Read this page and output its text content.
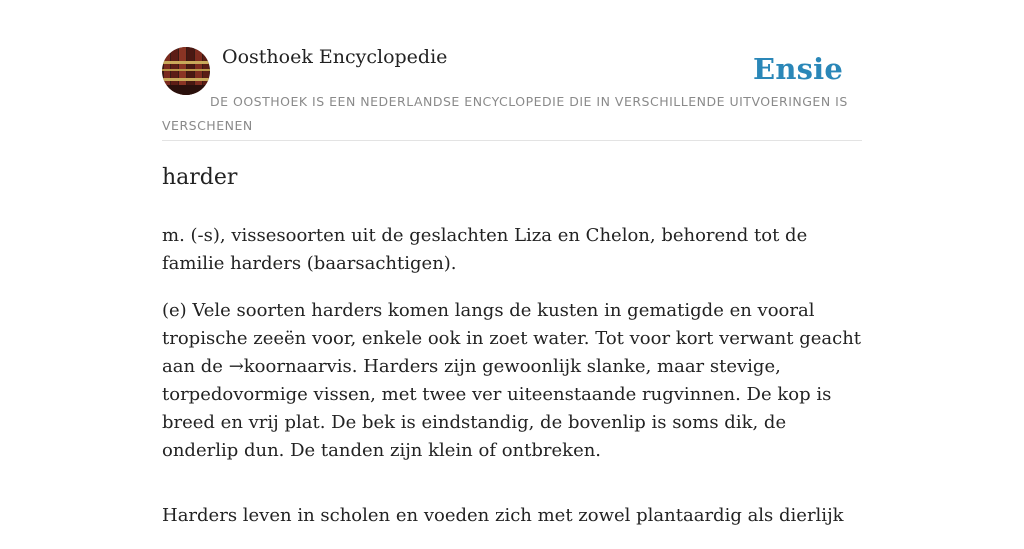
Oosthoek Encyclopedie	Ensie
DE OOSTHOEK IS EEN NEDERLANDSE ENCYCLOPEDIE DIE IN VERSCHILLENDE UITVOERINGEN IS VERSCHENEN
harder

m. (-s), vissesoorten uit de geslachten Liza en Chelon, behorend tot de familie harders (baarsachtigen).

(e) Vele soorten harders komen langs de kusten in gematigde en vooral tropische zeeën voor, enkele ook in zoet water. Tot voor kort verwant geacht aan de →koornaarvis. Harders zijn gewoonlijk slanke, maar stevige, torpedovormige vissen, met twee ver uiteenstaande rugvinnen. De kop is breed en vrij plat. De bek is eindstandig, de bovenlip is soms dik, de onderlip dun. De tanden zijn klein of ontbreken.

Harders leven in scholen en voeden zich met zowel plantaardig als dierlijk
